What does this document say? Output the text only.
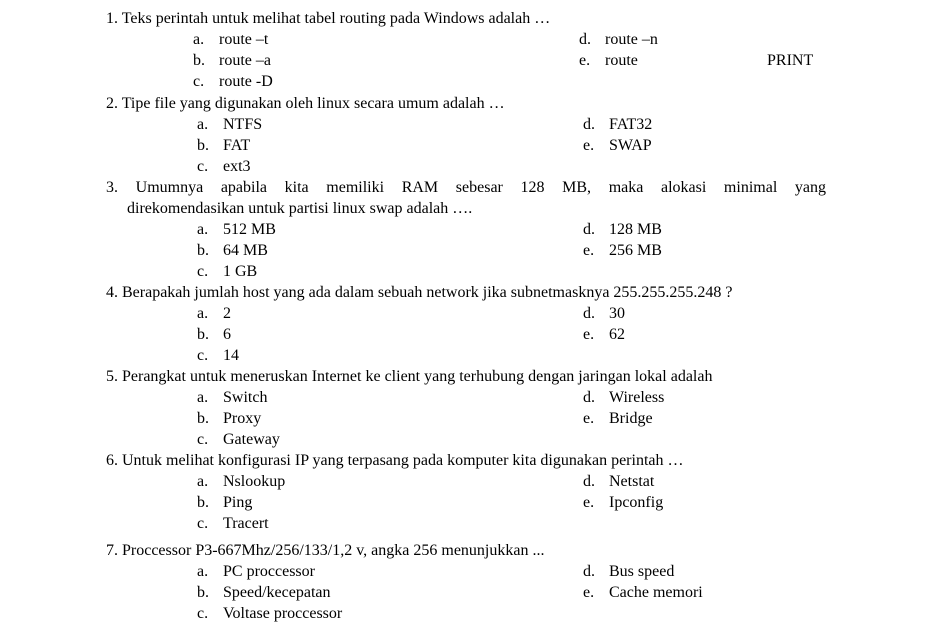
1. Teks perintah untuk melihat tabel routing pada Windows adalah …
a. route –t
b. route –a
c. route -D
d. route –n
e. route	PRINT
2. Tipe file yang digunakan oleh linux secara umum adalah …
a. NTFS
b. FAT
c. ext3
d. FAT32
e. SWAP
3. Umumnya apabila kita memiliki RAM sebesar 128 MB, maka alokasi minimal yang
direkomendasikan untuk partisi linux swap adalah ….
a. 512 MB
b. 64 MB
c. 1 GB
d. 128 MB
e. 256 MB
4. Berapakah jumlah host yang ada dalam sebuah network jika subnetmasknya 255.255.255.248 ?
a. 2
b. 6
c. 14
d. 30
e. 62
5. Perangkat untuk meneruskan Internet ke client yang terhubung dengan jaringan lokal adalah
a. Switch
b. Proxy
c. Gateway
d. Wireless
e. Bridge
6. Untuk melihat konfigurasi IP yang terpasang pada komputer kita digunakan perintah …
a. Nslookup
b. Ping
c. Tracert
d. Netstat
e. Ipconfig
7. Proccessor P3-667Mhz/256/133/1,2 v, angka 256 menunjukkan ...
a. PC proccessor
b. Speed/kecepatan
c. Voltase proccessor
d. Bus speed
e. Cache memori
